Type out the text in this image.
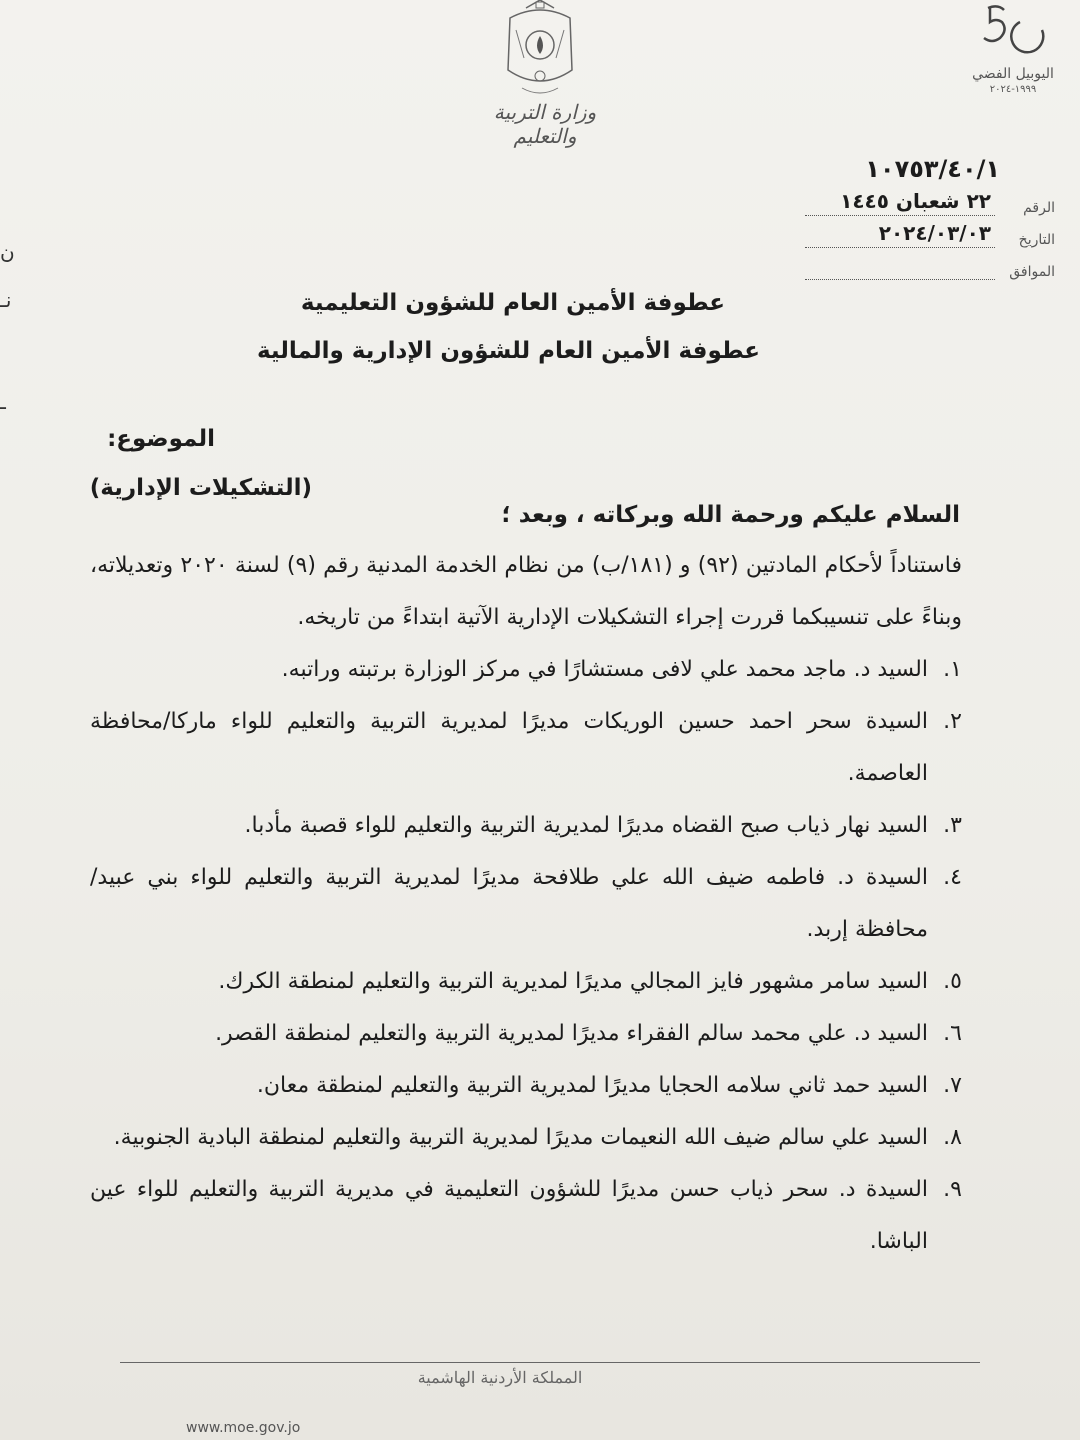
ن
نـ
ـ
وزارة التربية والتعليم
اليوبيل الفضي
١٩٩٩-٢٠٢٤
١٠٧٥٣/٤٠/١
الرقم
٢٢ شعبان ١٤٤٥
التاريخ
٢٠٢٤/٠٣/٠٣
الموافق
عطوفة الأمين العام للشؤون التعليمية
عطوفة الأمين العام للشؤون الإدارية والمالية
الموضوع:
(التشكيلات الإدارية)
السلام عليكم ورحمة الله وبركاته ، وبعد ؛
فاستناداً لأحكام المادتين (٩٢) و (١٨١/ب) من نظام الخدمة المدنية رقم (٩) لسنة ٢٠٢٠ وتعديلاته، وبناءً على تنسيبكما قررت إجراء التشكيلات الإدارية الآتية ابتداءً من تاريخه.
١.
السيد د. ماجد محمد علي لافى مستشارًا في مركز الوزارة برتبته وراتبه.
٢.
السيدة سحر احمد حسين الوريكات مديرًا لمديرية التربية والتعليم للواء ماركا/محافظة العاصمة.
٣.
السيد نهار ذياب صبح القضاه مديرًا لمديرية التربية والتعليم للواء قصبة مأدبا.
٤.
السيدة د. فاطمه ضيف الله علي طلافحة مديرًا لمديرية التربية والتعليم للواء بني عبيد/محافظة إربد.
٥.
السيد سامر مشهور فايز المجالي مديرًا لمديرية التربية والتعليم لمنطقة الكرك.
٦.
السيد د. علي محمد سالم الفقراء مديرًا لمديرية التربية والتعليم لمنطقة القصر.
٧.
السيد حمد ثاني سلامه الحجايا مديرًا لمديرية التربية والتعليم لمنطقة معان.
٨.
السيد علي سالم ضيف الله النعيمات مديرًا لمديرية التربية والتعليم لمنطقة البادية الجنوبية.
٩.
السيدة د. سحر ذياب حسن مديرًا للشؤون التعليمية في مديرية التربية والتعليم للواء عين الباشا.
المملكة الأردنية الهاشمية
www.moe.gov.jo
